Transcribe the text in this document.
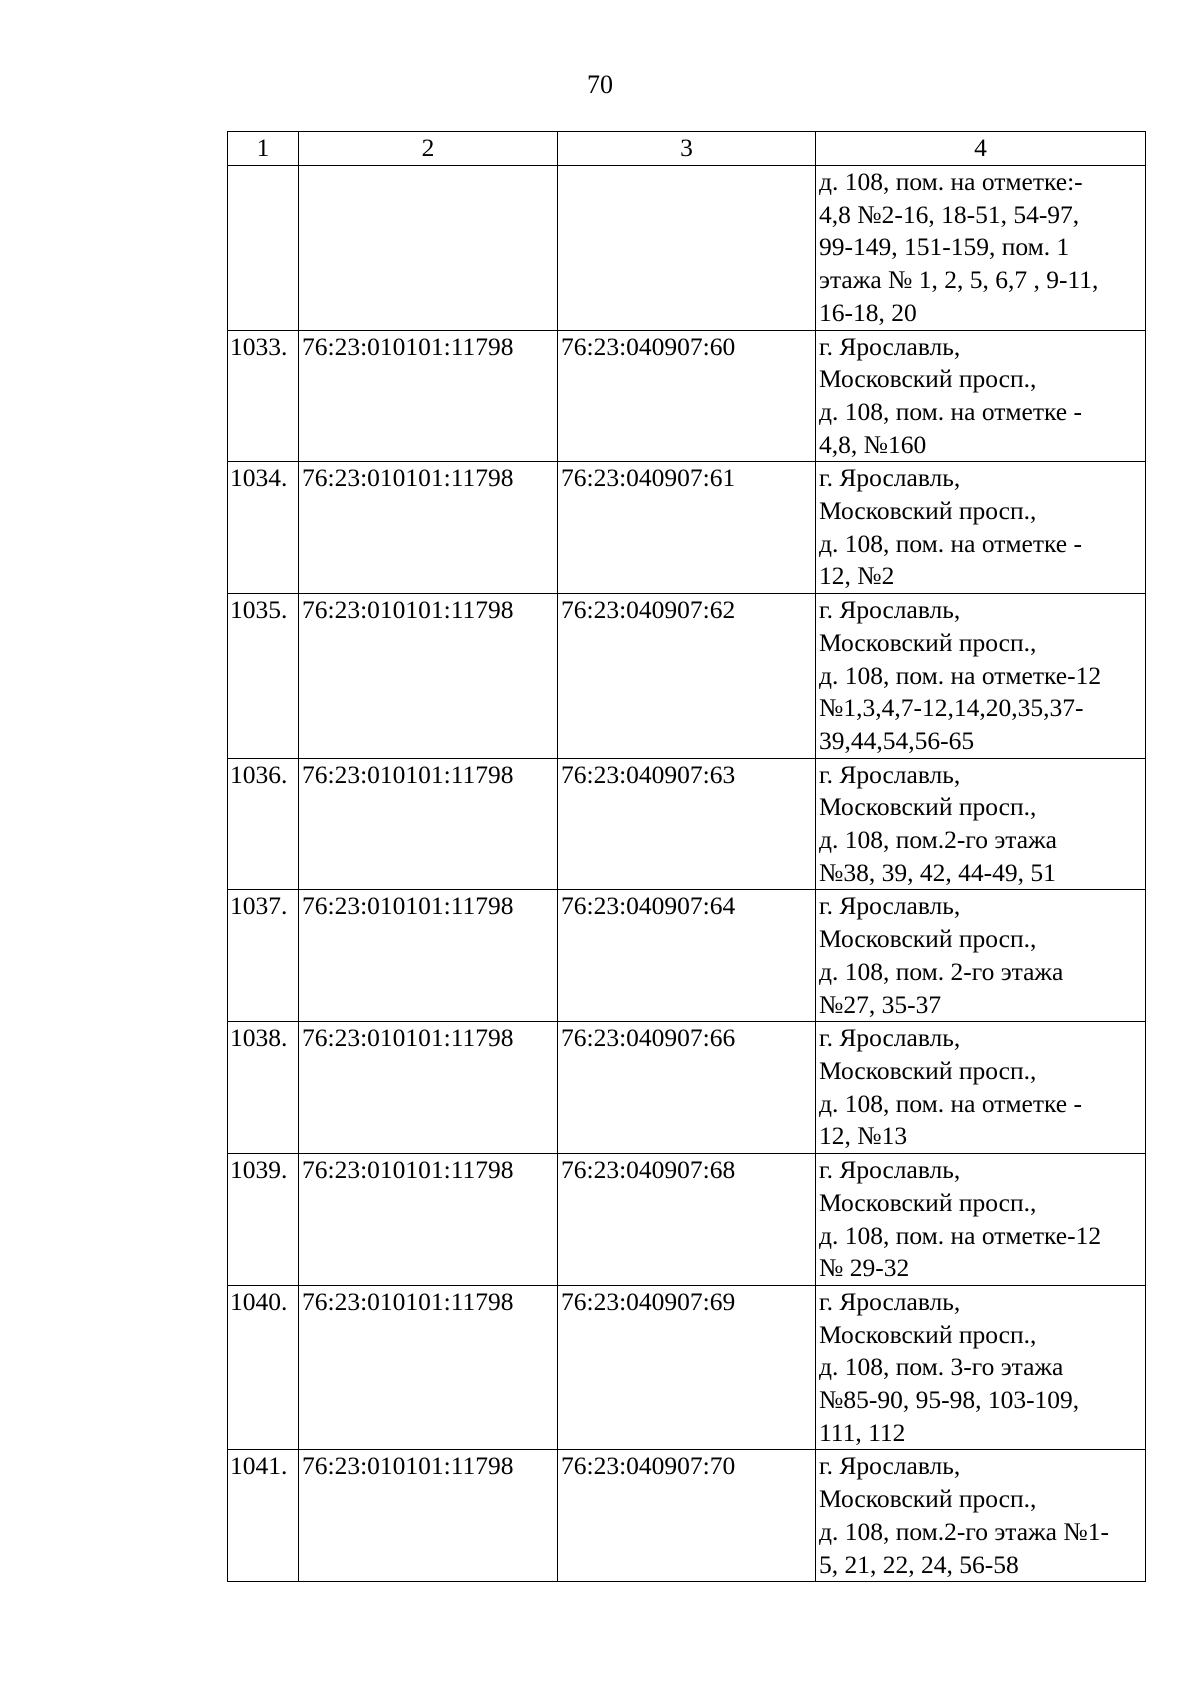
70
1	2	3	4

			д. 108, пом. на отметке:-
4,8 №2-16, 18-51, 54-97,
99-149, 151-159, пом. 1
этажа № 1, 2, 5, 6,7 , 9-11,
16-18, 20

1033.	76:23:010101:11798	76:23:040907:60	г. Ярославль,
Московский просп.,
д. 108, пом. на отметке -
4,8, №160

1034.	76:23:010101:11798	76:23:040907:61	г. Ярославль,
Московский просп.,
д. 108, пом. на отметке -
12, №2

1035.	76:23:010101:11798	76:23:040907:62	г. Ярославль,
Московский просп.,
д. 108, пом. на отметке-12
№1,3,4,7-12,14,20,35,37-
39,44,54,56-65

1036.	76:23:010101:11798	76:23:040907:63	г. Ярославль,
Московский просп.,
д. 108, пом.2-го этажа
№38, 39, 42, 44-49, 51

1037.	76:23:010101:11798	76:23:040907:64	г. Ярославль,
Московский просп.,
д. 108, пом. 2-го этажа
№27, 35-37

1038.	76:23:010101:11798	76:23:040907:66	г. Ярославль,
Московский просп.,
д. 108, пом. на отметке -
12, №13

1039.	76:23:010101:11798	76:23:040907:68	г. Ярославль,
Московский просп.,
д. 108, пом. на отметке-12
№ 29-32

1040.	76:23:010101:11798	76:23:040907:69	г. Ярославль,
Московский просп.,
д. 108, пом. 3-го этажа
№85-90, 95-98, 103-109,
111, 112

1041.	76:23:010101:11798	76:23:040907:70	г. Ярославль,
Московский просп.,
д. 108, пом.2-го этажа №1-
5, 21, 22, 24, 56-58
